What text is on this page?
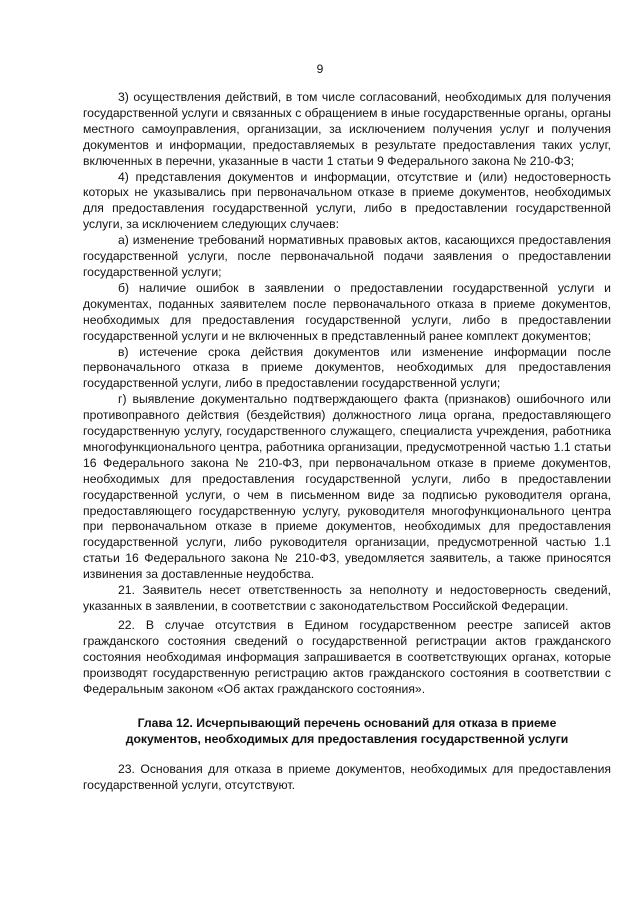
9

3) осуществления действий, в том числе согласований, необходимых для получения государственной услуги и связанных с обращением в иные государственные органы, органы местного самоуправления, организации, за исключением получения услуг и получения документов и информации, предоставляемых в результате предоставления таких услуг, включенных в перечни, указанные в части 1 статьи 9 Федерального закона № 210-ФЗ;

4) представления документов и информации, отсутствие и (или) недостоверность которых не указывались при первоначальном отказе в приеме документов, необходимых для предоставления государственной услуги, либо в предоставлении государственной услуги, за исключением следующих случаев:

а) изменение требований нормативных правовых актов, касающихся предоставления государственной услуги, после первоначальной подачи заявления о предоставлении государственной услуги;

б) наличие ошибок в заявлении о предоставлении государственной услуги и документах, поданных заявителем после первоначального отказа в приеме документов, необходимых для предоставления государственной услуги, либо в предоставлении государственной услуги и не включенных в представленный ранее комплект документов;

в) истечение срока действия документов или изменение информации после первоначального отказа в приеме документов, необходимых для предоставления государственной услуги, либо в предоставлении государственной услуги;

г) выявление документально подтверждающего факта (признаков) ошибочного или противоправного действия (бездействия) должностного лица органа, предоставляющего государственную услугу, государственного служащего, специалиста учреждения, работника многофункционального центра, работника организации, предусмотренной частью 1.1 статьи 16 Федерального закона № 210-ФЗ, при первоначальном отказе в приеме документов, необходимых для предоставления государственной услуги, либо в предоставлении государственной услуги, о чем в письменном виде за подписью руководителя органа, предоставляющего государственную услугу, руководителя многофункционального центра при первоначальном отказе в приеме документов, необходимых для предоставления государственной услуги, либо руководителя организации, предусмотренной частью 1.1 статьи 16 Федерального закона № 210-ФЗ, уведомляется заявитель, а также приносятся извинения за доставленные неудобства.

21. Заявитель несет ответственность за неполноту и недостоверность сведений, указанных в заявлении, в соответствии с законодательством Российской Федерации.

22. В случае отсутствия в Едином государственном реестре записей актов гражданского состояния сведений о государственной регистрации актов гражданского состояния необходимая информация запрашивается в соответствующих органах, которые производят государственную регистрацию актов гражданского состояния в соответствии с Федеральным законом «Об актах гражданского состояния».

Глава 12. Исчерпывающий перечень оснований для отказа в приеме
документов, необходимых для предоставления государственной услуги

23. Основания для отказа в приеме документов, необходимых для предоставления государственной услуги, отсутствуют.
